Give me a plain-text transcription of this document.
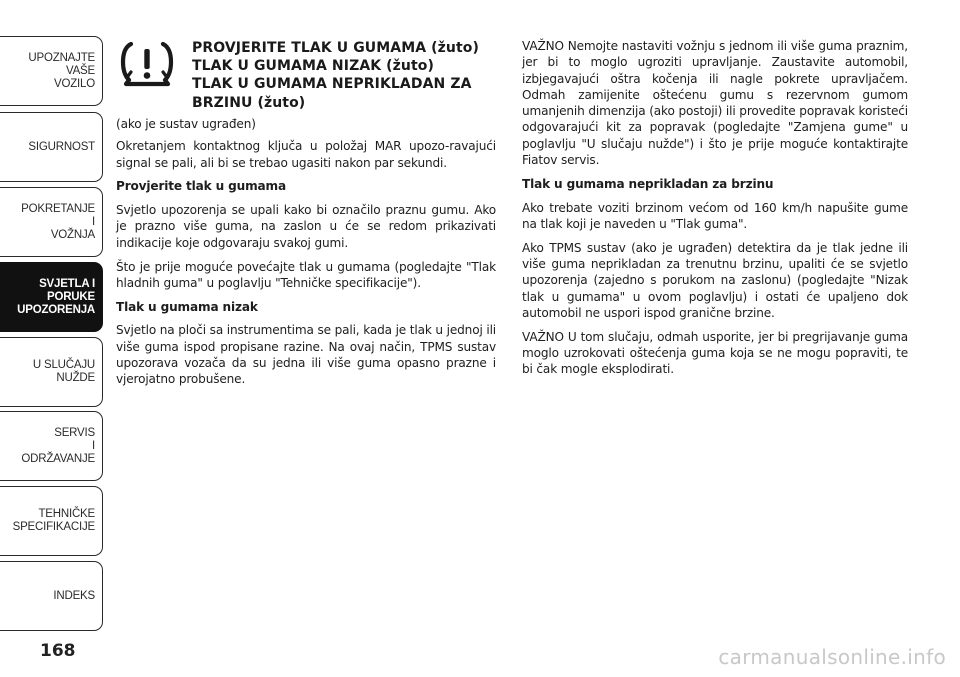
UPOZNAJTE
VAŠE
VOZILO
SIGURNOST
POKRETANJE
I
VOŽNJA
SVJETLA I
PORUKE
UPOZORENJA
U SLUČAJU
NUŽDE
SERVIS
I
ODRŽAVANJE
TEHNIČKE
SPECIFIKACIJE
INDEKS
168
PROVJERITE TLAK U GUMAMA (žuto)
TLAK U GUMAMA NIZAK (žuto)
TLAK U GUMAMA NEPRIKLADAN ZA
BRZINU (žuto)

(ako je sustav ugrađen)

Okretanjem kontaktnog ključa u položaj MAR upozo-ravajući signal se pali, ali bi se trebao ugasiti nakon par sekundi.

Provjerite tlak u gumama

Svjetlo upozorenja se upali kako bi označilo praznu gumu. Ako je prazno više guma, na zaslon u će se redom prikazivati indikacije koje odgovaraju svakoj gumi.

Što je prije moguće povećajte tlak u gumama (pogledajte "Tlak hladnih guma" u poglavlju "Tehničke specifikacije").

Tlak u gumama nizak

Svjetlo na ploči sa instrumentima se pali, kada je tlak u jednoj ili više guma ispod propisane razine. Na ovaj način, TPMS sustav upozorava vozača da su jedna ili više guma opasno prazne i vjerojatno probušene.

VAŽNO Nemojte nastaviti vožnju s jednom ili više guma praznim, jer bi to moglo ugroziti upravljanje. Zaustavite automobil, izbjegavajući oštra kočenja ili nagle pokrete upravljačem. Odmah zamijenite oštećenu gumu s rezervnom gumom umanjenih dimenzija (ako postoji) ili provedite popravak koristeći odgovarajući kit za popravak (pogledajte "Zamjena gume" u poglavlju "U slučaju nužde") i što je prije moguće kontaktirajte Fiatov servis.

Tlak u gumama neprikladan za brzinu

Ako trebate voziti brzinom većom od 160 km/h napušite gume na tlak koji je naveden u "Tlak guma".

Ako TPMS sustav (ako je ugrađen) detektira da je tlak jedne ili više guma neprikladan za trenutnu brzinu, upaliti će se svjetlo upozorenja (zajedno s porukom na zaslonu) (pogledajte "Nizak tlak u gumama" u ovom poglavlju) i ostati će upaljeno dok automobil ne uspori ispod granične brzine.

VAŽNO U tom slučaju, odmah usporite, jer bi pregrijavanje guma moglo uzrokovati oštećenja guma koja se ne mogu popraviti, te bi čak mogle eksplodirati.

carmanualsonline.info
